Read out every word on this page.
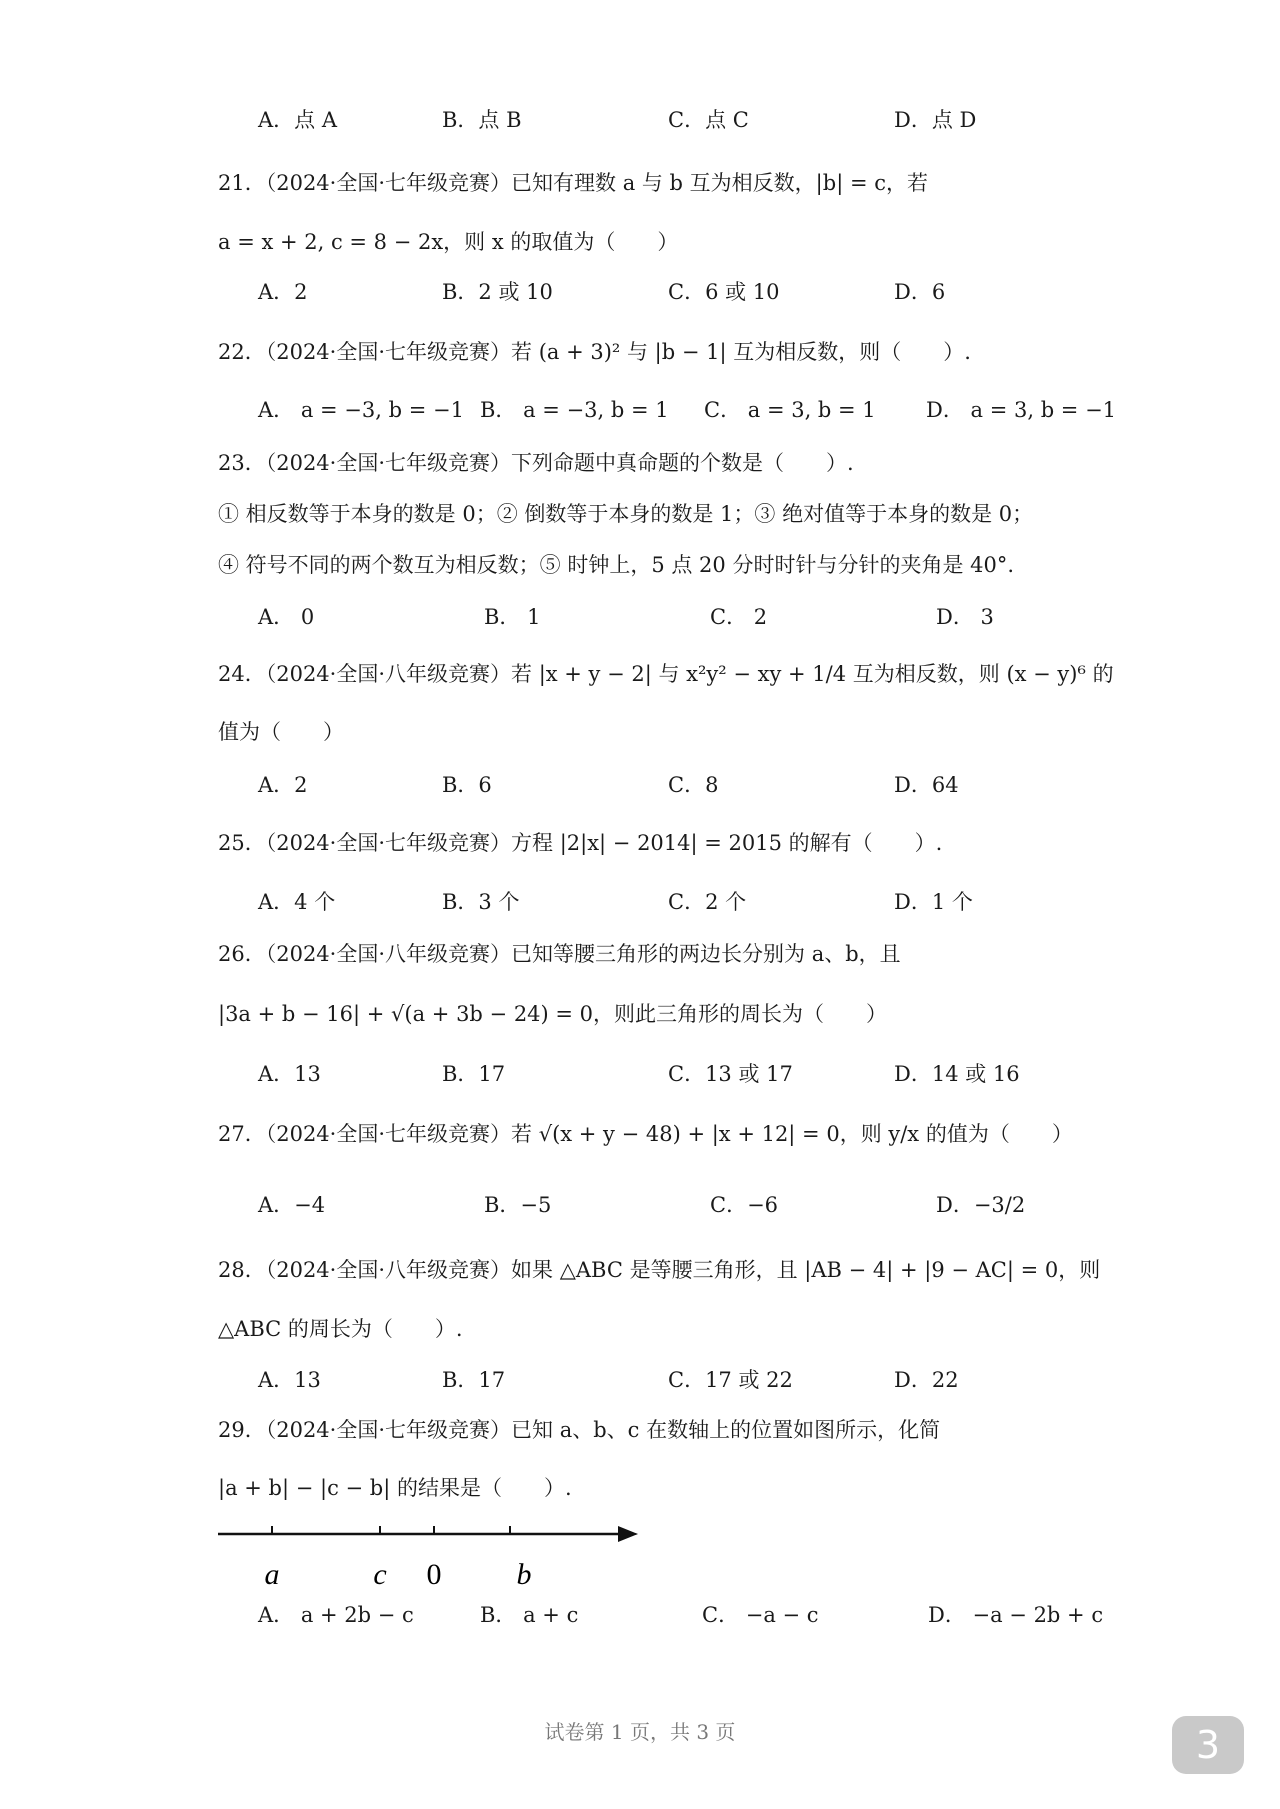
A．点 A	B．点 B	C．点 C	D．点 D
21．（2024·全国·七年级竞赛）已知有理数 a 与 b 互为相反数，|b| = c，若
a = x + 2, c = 8 − 2x，则 x 的取值为（　　）
A．2	B．2 或 10	C．6 或 10	D．6
22．（2024·全国·七年级竞赛）若 (a + 3)² 与 |b − 1| 互为相反数，则（　　）.
A． a = −3, b = −1 B． a = −3, b = 1 C． a = 3, b = 1 D． a = 3, b = −1
23．（2024·全国·七年级竞赛）下列命题中真命题的个数是（　　）.
① 相反数等于本身的数是 0；② 倒数等于本身的数是 1；③ 绝对值等于本身的数是 0；
④ 符号不同的两个数互为相反数；⑤ 时钟上，5 点 20 分时时针与分针的夹角是 40°.
A． 0	B． 1	C． 2	D． 3
24．（2024·全国·八年级竞赛）若 |x + y − 2| 与 x²y² − xy + 1/4 互为相反数，则 (x − y)⁶ 的
值为（　　）
A．2	B．6	C．8	D．64
25．（2024·全国·七年级竞赛）方程 |2|x| − 2014| = 2015 的解有（　　）.
A．4 个	B．3 个	C．2 个	D．1 个
26．（2024·全国·八年级竞赛）已知等腰三角形的两边长分别为 a、b，且
|3a + b − 16| + √(a + 3b − 24) = 0，则此三角形的周长为（　　）
A．13	B．17	C．13 或 17	D．14 或 16
27．（2024·全国·七年级竞赛）若 √(x + y − 48) + |x + 12| = 0，则 y/x 的值为（　　）
A．−4	B．−5	C．−6	D．−3/2
28．（2024·全国·八年级竞赛）如果 △ABC 是等腰三角形，且 |AB − 4| + |9 − AC| = 0，则
△ABC 的周长为（　　）.
A．13	B．17	C．17 或 22	D．22
29．（2024·全国·七年级竞赛）已知 a、b、c 在数轴上的位置如图所示，化简
|a + b| − |c − b| 的结果是（　　）.
a	c 0	b
A． a + 2b − c	B． a + c	C． −a − c	D． −a − 2b + c
试卷第 1 页，共 3 页	3
